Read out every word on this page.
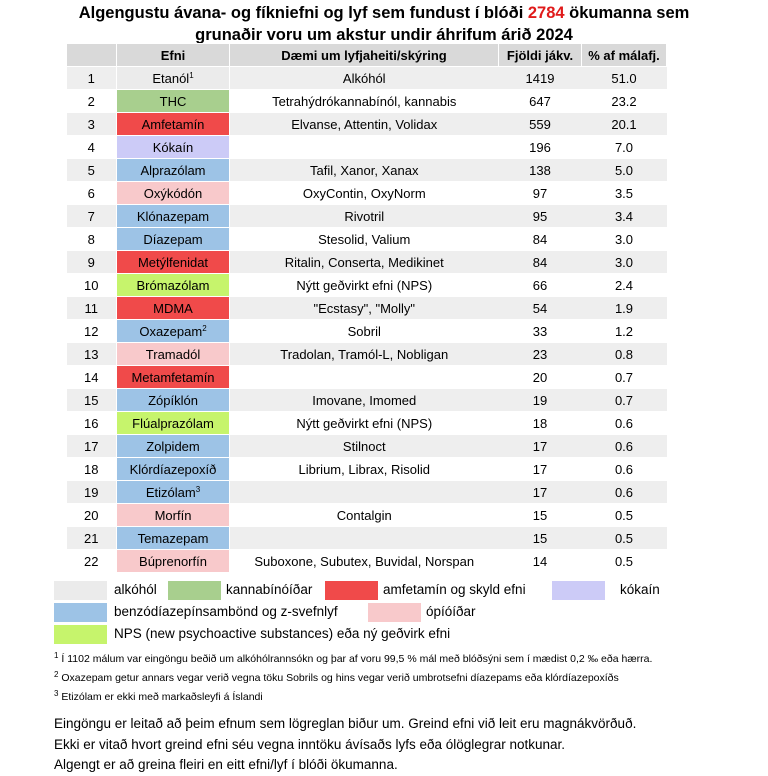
Algengustu ávana- og fíkniefni og lyf sem fundust í blóði 2784 ökumanna sem
grunaðir voru um akstur undir áhrifum árið 2024
	Efni	Dæmi um lyfjaheiti/skýring	Fjöldi jákv.	% af málafj.
1	Etanól$^1$	Alkóhól	1419	51.0
2	THC	Tetrahýdrókannabínól, kannabis	647	23.2
3	Amfetamín	Elvanse, Attentin, Volidax	559	20.1
4	Kókaín		196	7.0
5	Alprazólam	Tafil, Xanor, Xanax	138	5.0
6	Oxýkódón	OxyContin, OxyNorm	97	3.5
7	Klónazepam	Rivotril	95	3.4
8	Díazepam	Stesolid, Valium	84	3.0
9	Metýlfenidat	Ritalin, Conserta, Medikinet	84	3.0
10	Brómazólam	Nýtt geðvirkt efni (NPS)	66	2.4
11	MDMA	"Ecstasy", "Molly"	54	1.9
12	Oxazepam$^2$	Sobril	33	1.2
13	Tramadól	Tradolan, Tramól-L, Nobligan	23	0.8
14	Metamfetamín		20	0.7
15	Zópíklón	Imovane, Imomed	19	0.7
16	Flúalprazólam	Nýtt geðvirkt efni (NPS)	18	0.6
17	Zolpidem	Stilnoct	17	0.6
18	Klórdíazepoxíð	Librium, Librax, Risolid	17	0.6
19	Etizólam$^3$		17	0.6
20	Morfín	Contalgin	15	0.5
21	Temazepam		15	0.5
22	Búprenorfín	Suboxone, Subutex, Buvidal, Norspan	14	0.5
alkóhól	kannabínóíðar	amfetamín og skyld efni	kókaín
benzódíazepínsambönd og z-svefnlyf	ópíóíðar
NPS (new psychoactive substances) eða ný geðvirk efni
$^1$ Í 1102 málum var eingöngu beðið um alkóhólrannsókn og þar af voru 99,5 % mál með blóðsýni sem í mædist 0,2 ‰ eða hærra.
$^2$ Oxazepam getur annars vegar verið vegna töku Sobrils og hins vegar verið umbrotsefni díazepams eða klórdíazepoxíðs
$^3$ Etizólam er ekki með markaðsleyfi á Íslandi
Eingöngu er leitað að þeim efnum sem lögreglan biður um. Greind efni við leit eru magnákvörðuð.
Ekki er vitað hvort greind efni séu vegna inntöku ávísaðs lyfs eða ólöglegrar notkunar.
Algengt er að greina fleiri en eitt efni/lyf í blóði ökumanna.
